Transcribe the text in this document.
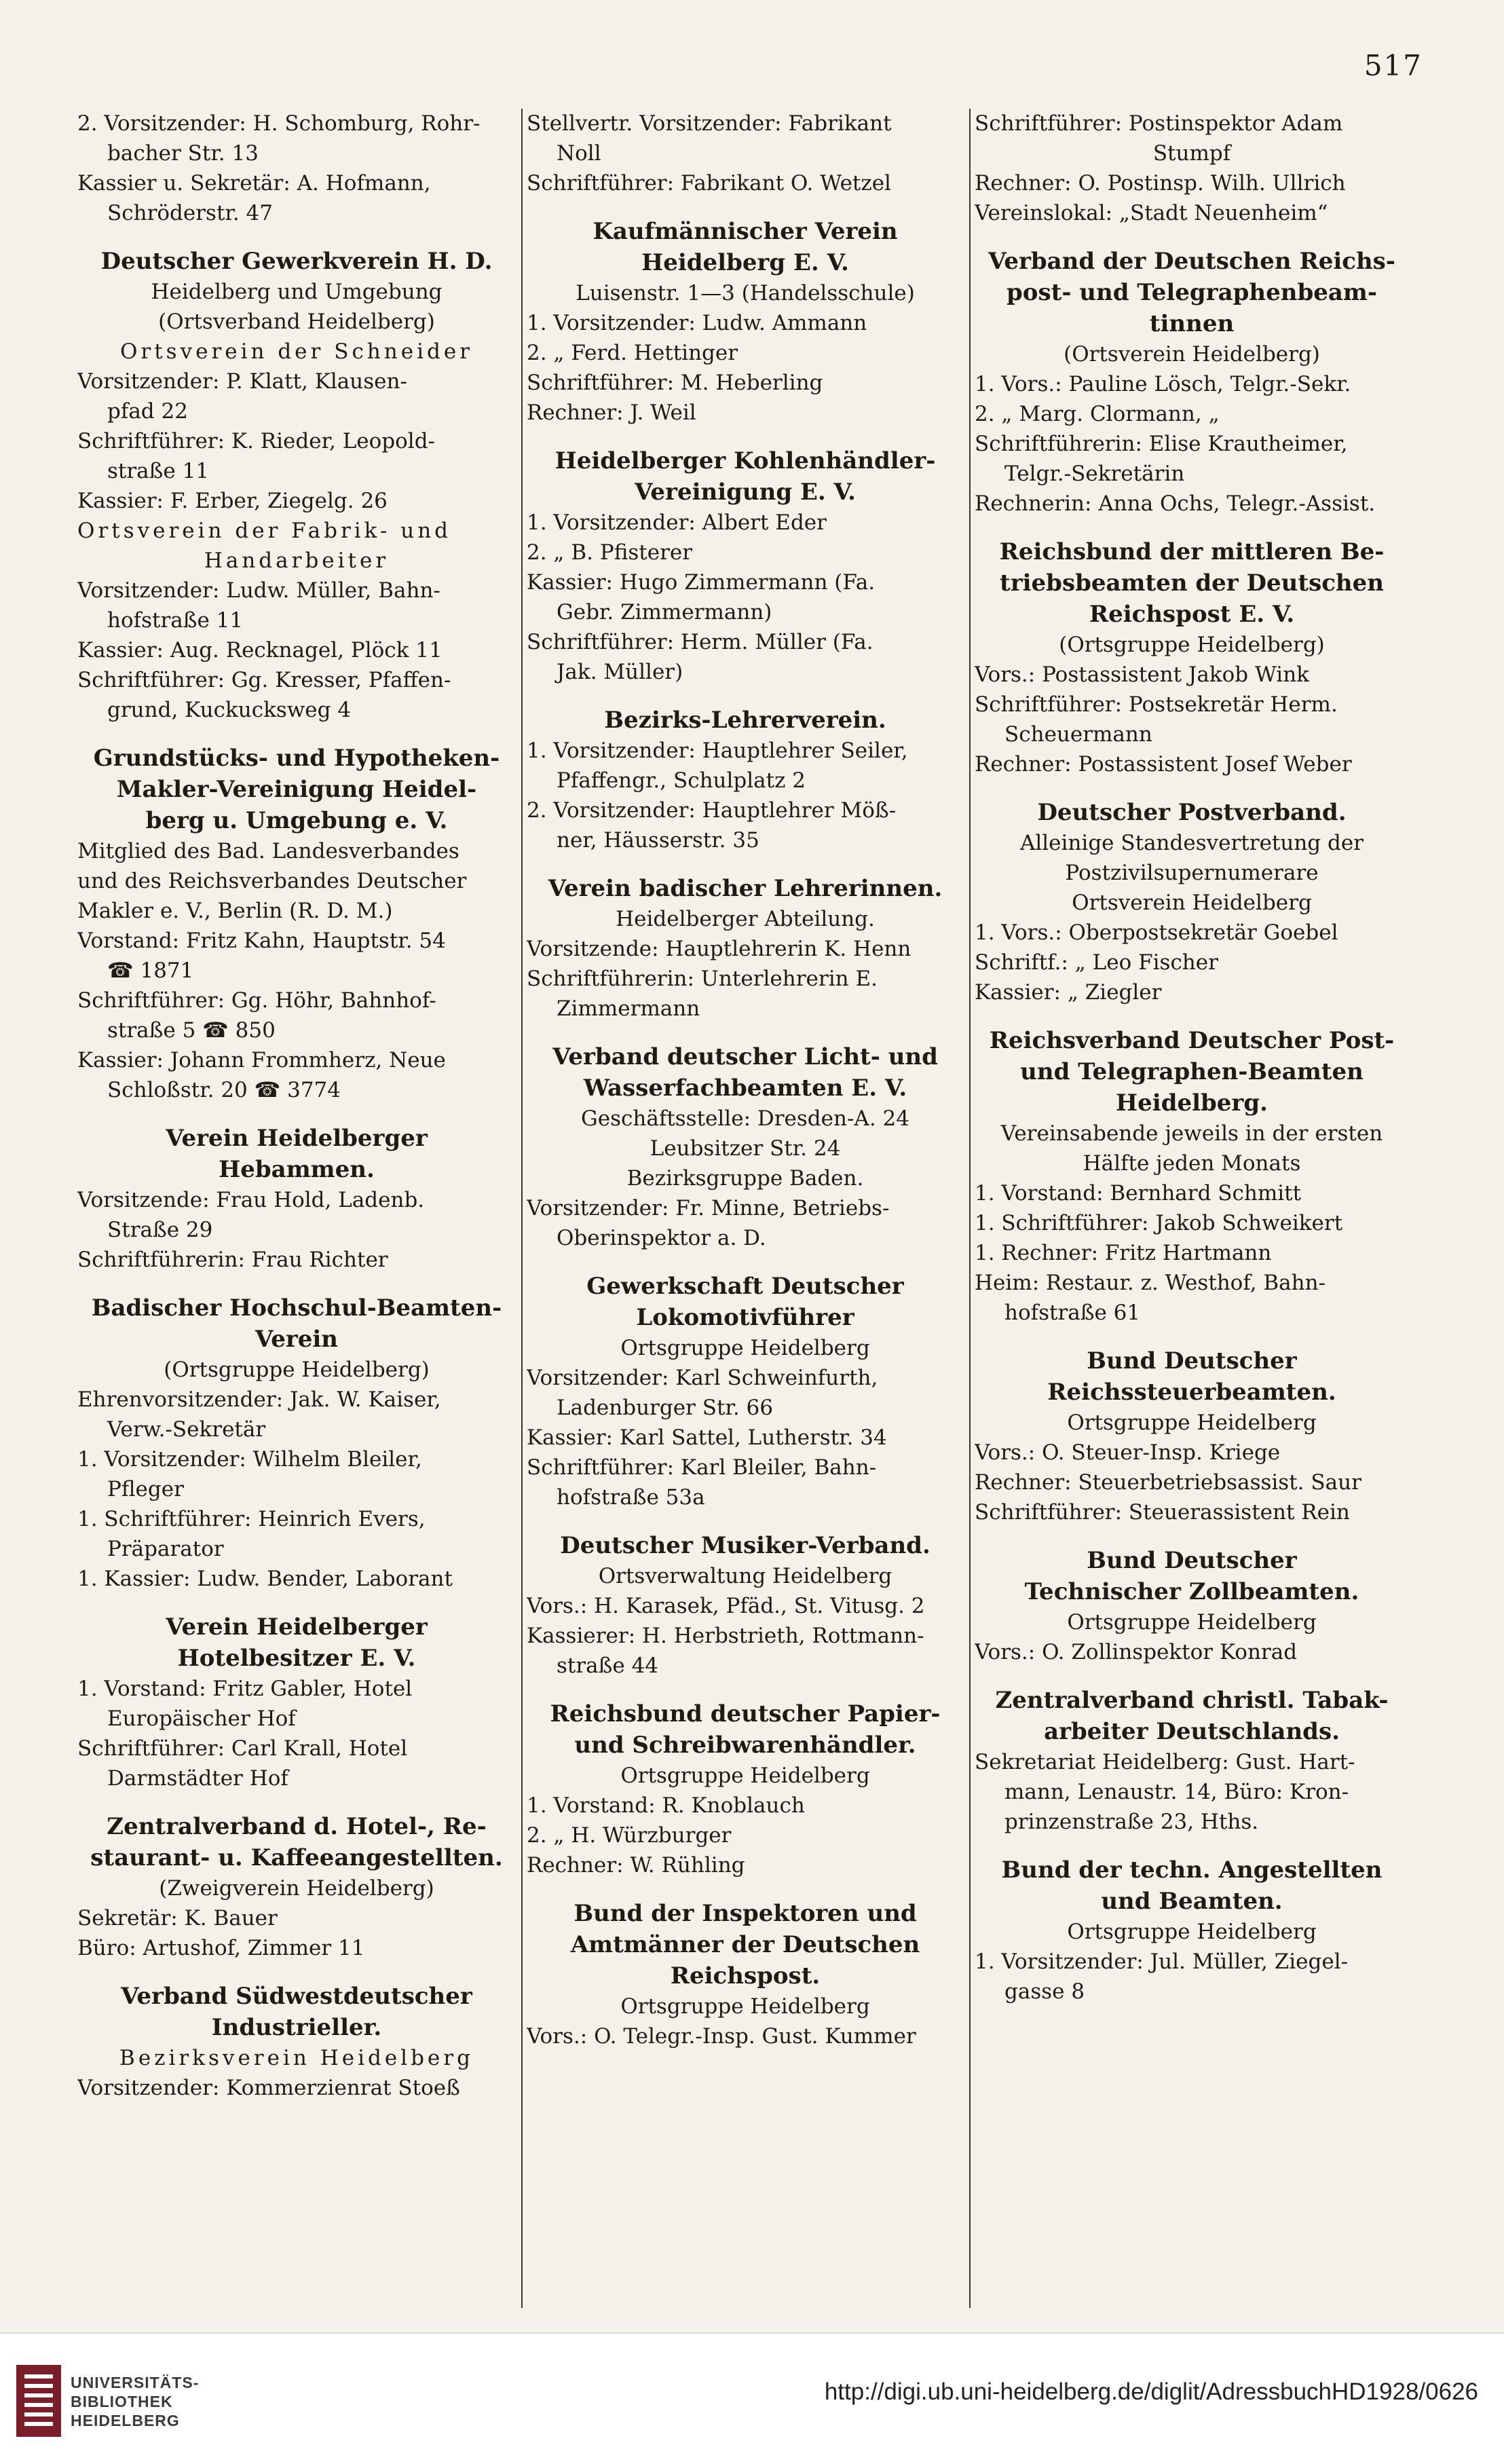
517
2. Vorsitzender: H. Schomburg, Rohr-
bacher Str. 13
Kassier u. Sekretär: A. Hofmann,
Schröderstr. 47
Deutscher Gewerkverein H. D.
Heidelberg und Umgebung
(Ortsverband Heidelberg)
Ortsverein der Schneider
Vorsitzender: P. Klatt, Klausen-
pfad 22
Schriftführer: K. Rieder, Leopold-
straße 11
Kassier: F. Erber, Ziegelg. 26
Ortsverein der Fabrik- und
Handarbeiter
Vorsitzender: Ludw. Müller, Bahn-
hofstraße 11
Kassier: Aug. Recknagel, Plöck 11
Schriftführer: Gg. Kresser, Pfaffen-
grund, Kuckucksweg 4
Grundstücks- und Hypotheken-
Makler-Vereinigung Heidel-
berg u. Umgebung e. V.
Mitglied des Bad. Landesverbandes
und des Reichsverbandes Deutscher
Makler e. V., Berlin (R. D. M.)
Vorstand: Fritz Kahn, Hauptstr. 54
☎ 1871
Schriftführer: Gg. Höhr, Bahnhof-
straße 5 ☎ 850
Kassier: Johann Frommherz, Neue
Schloßstr. 20 ☎ 3774
Verein Heidelberger
Hebammen.
Vorsitzende: Frau Hold, Ladenb.
Straße 29
Schriftführerin: Frau Richter
Badischer Hochschul-Beamten-
Verein
(Ortsgruppe Heidelberg)
Ehrenvorsitzender: Jak. W. Kaiser,
Verw.-Sekretär
1. Vorsitzender: Wilhelm Bleiler,
Pfleger
1. Schriftführer: Heinrich Evers,
Präparator
1. Kassier: Ludw. Bender, Laborant
Verein Heidelberger
Hotelbesitzer E. V.
1. Vorstand: Fritz Gabler, Hotel
Europäischer Hof
Schriftführer: Carl Krall, Hotel
Darmstädter Hof
Zentralverband d. Hotel-, Re-
staurant- u. Kaffeeangestellten.
(Zweigverein Heidelberg)
Sekretär: K. Bauer
Büro: Artushof, Zimmer 11
Verband Südwestdeutscher
Industrieller.
Bezirksverein Heidelberg
Vorsitzender: Kommerzienrat Stoeß
Stellvertr. Vorsitzender: Fabrikant
Noll
Schriftführer: Fabrikant O. Wetzel
Kaufmännischer Verein
Heidelberg E. V.
Luisenstr. 1—3 (Handelsschule)
1. Vorsitzender: Ludw. Ammann
2. „ Ferd. Hettinger
Schriftführer: M. Heberling
Rechner: J. Weil
Heidelberger Kohlenhändler-
Vereinigung E. V.
1. Vorsitzender: Albert Eder
2. „ B. Pfisterer
Kassier: Hugo Zimmermann (Fa.
Gebr. Zimmermann)
Schriftführer: Herm. Müller (Fa.
Jak. Müller)
Bezirks-Lehrerverein.
1. Vorsitzender: Hauptlehrer Seiler,
Pfaffengr., Schulplatz 2
2. Vorsitzender: Hauptlehrer Möß-
ner, Häusserstr. 35
Verein badischer Lehrerinnen.
Heidelberger Abteilung.
Vorsitzende: Hauptlehrerin K. Henn
Schriftführerin: Unterlehrerin E.
Zimmermann
Verband deutscher Licht- und
Wasserfachbeamten E. V.
Geschäftsstelle: Dresden-A. 24
Leubsitzer Str. 24
Bezirksgruppe Baden.
Vorsitzender: Fr. Minne, Betriebs-
Oberinspektor a. D.
Gewerkschaft Deutscher
Lokomotivführer
Ortsgruppe Heidelberg
Vorsitzender: Karl Schweinfurth,
Ladenburger Str. 66
Kassier: Karl Sattel, Lutherstr. 34
Schriftführer: Karl Bleiler, Bahn-
hofstraße 53a
Deutscher Musiker-Verband.
Ortsverwaltung Heidelberg
Vors.: H. Karasek, Pfäd., St. Vitusg. 2
Kassierer: H. Herbstrieth, Rottmann-
straße 44
Reichsbund deutscher Papier-
und Schreibwarenhändler.
Ortsgruppe Heidelberg
1. Vorstand: R. Knoblauch
2. „ H. Würzburger
Rechner: W. Rühling
Bund der Inspektoren und
Amtmänner der Deutschen
Reichspost.
Ortsgruppe Heidelberg
Vors.: O. Telegr.-Insp. Gust. Kummer
Schriftführer: Postinspektor Adam
Stumpf
Rechner: O. Postinsp. Wilh. Ullrich
Vereinslokal: „Stadt Neuenheim“
Verband der Deutschen Reichs-
post- und Telegraphenbeam-
tinnen
(Ortsverein Heidelberg)
1. Vors.: Pauline Lösch, Telgr.-Sekr.
2. „ Marg. Clormann, „
Schriftführerin: Elise Krautheimer,
Telgr.-Sekretärin
Rechnerin: Anna Ochs, Telegr.-Assist.
Reichsbund der mittleren Be-
triebsbeamten der Deutschen
Reichspost E. V.
(Ortsgruppe Heidelberg)
Vors.: Postassistent Jakob Wink
Schriftführer: Postsekretär Herm.
Scheuermann
Rechner: Postassistent Josef Weber
Deutscher Postverband.
Alleinige Standesvertretung der
Postzivilsupernumerare
Ortsverein Heidelberg
1. Vors.: Oberpostsekretär Goebel
Schriftf.: „ Leo Fischer
Kassier: „ Ziegler
Reichsverband Deutscher Post-
und Telegraphen-Beamten
Heidelberg.
Vereinsabende jeweils in der ersten
Hälfte jeden Monats
1. Vorstand: Bernhard Schmitt
1. Schriftführer: Jakob Schweikert
1. Rechner: Fritz Hartmann
Heim: Restaur. z. Westhof, Bahn-
hofstraße 61
Bund Deutscher
Reichssteuerbeamten.
Ortsgruppe Heidelberg
Vors.: O. Steuer-Insp. Kriege
Rechner: Steuerbetriebsassist. Saur
Schriftführer: Steuerassistent Rein
Bund Deutscher
Technischer Zollbeamten.
Ortsgruppe Heidelberg
Vors.: O. Zollinspektor Konrad
Zentralverband christl. Tabak-
arbeiter Deutschlands.
Sekretariat Heidelberg: Gust. Hart-
mann, Lenaustr. 14, Büro: Kron-
prinzenstraße 23, Hths.
Bund der techn. Angestellten
und Beamten.
Ortsgruppe Heidelberg
1. Vorsitzender: Jul. Müller, Ziegel-
gasse 8
UNIVERSITÄTS-
BIBLIOTHEK
HEIDELBERG
http://digi.ub.uni-heidelberg.de/diglit/AdressbuchHD1928/0626
